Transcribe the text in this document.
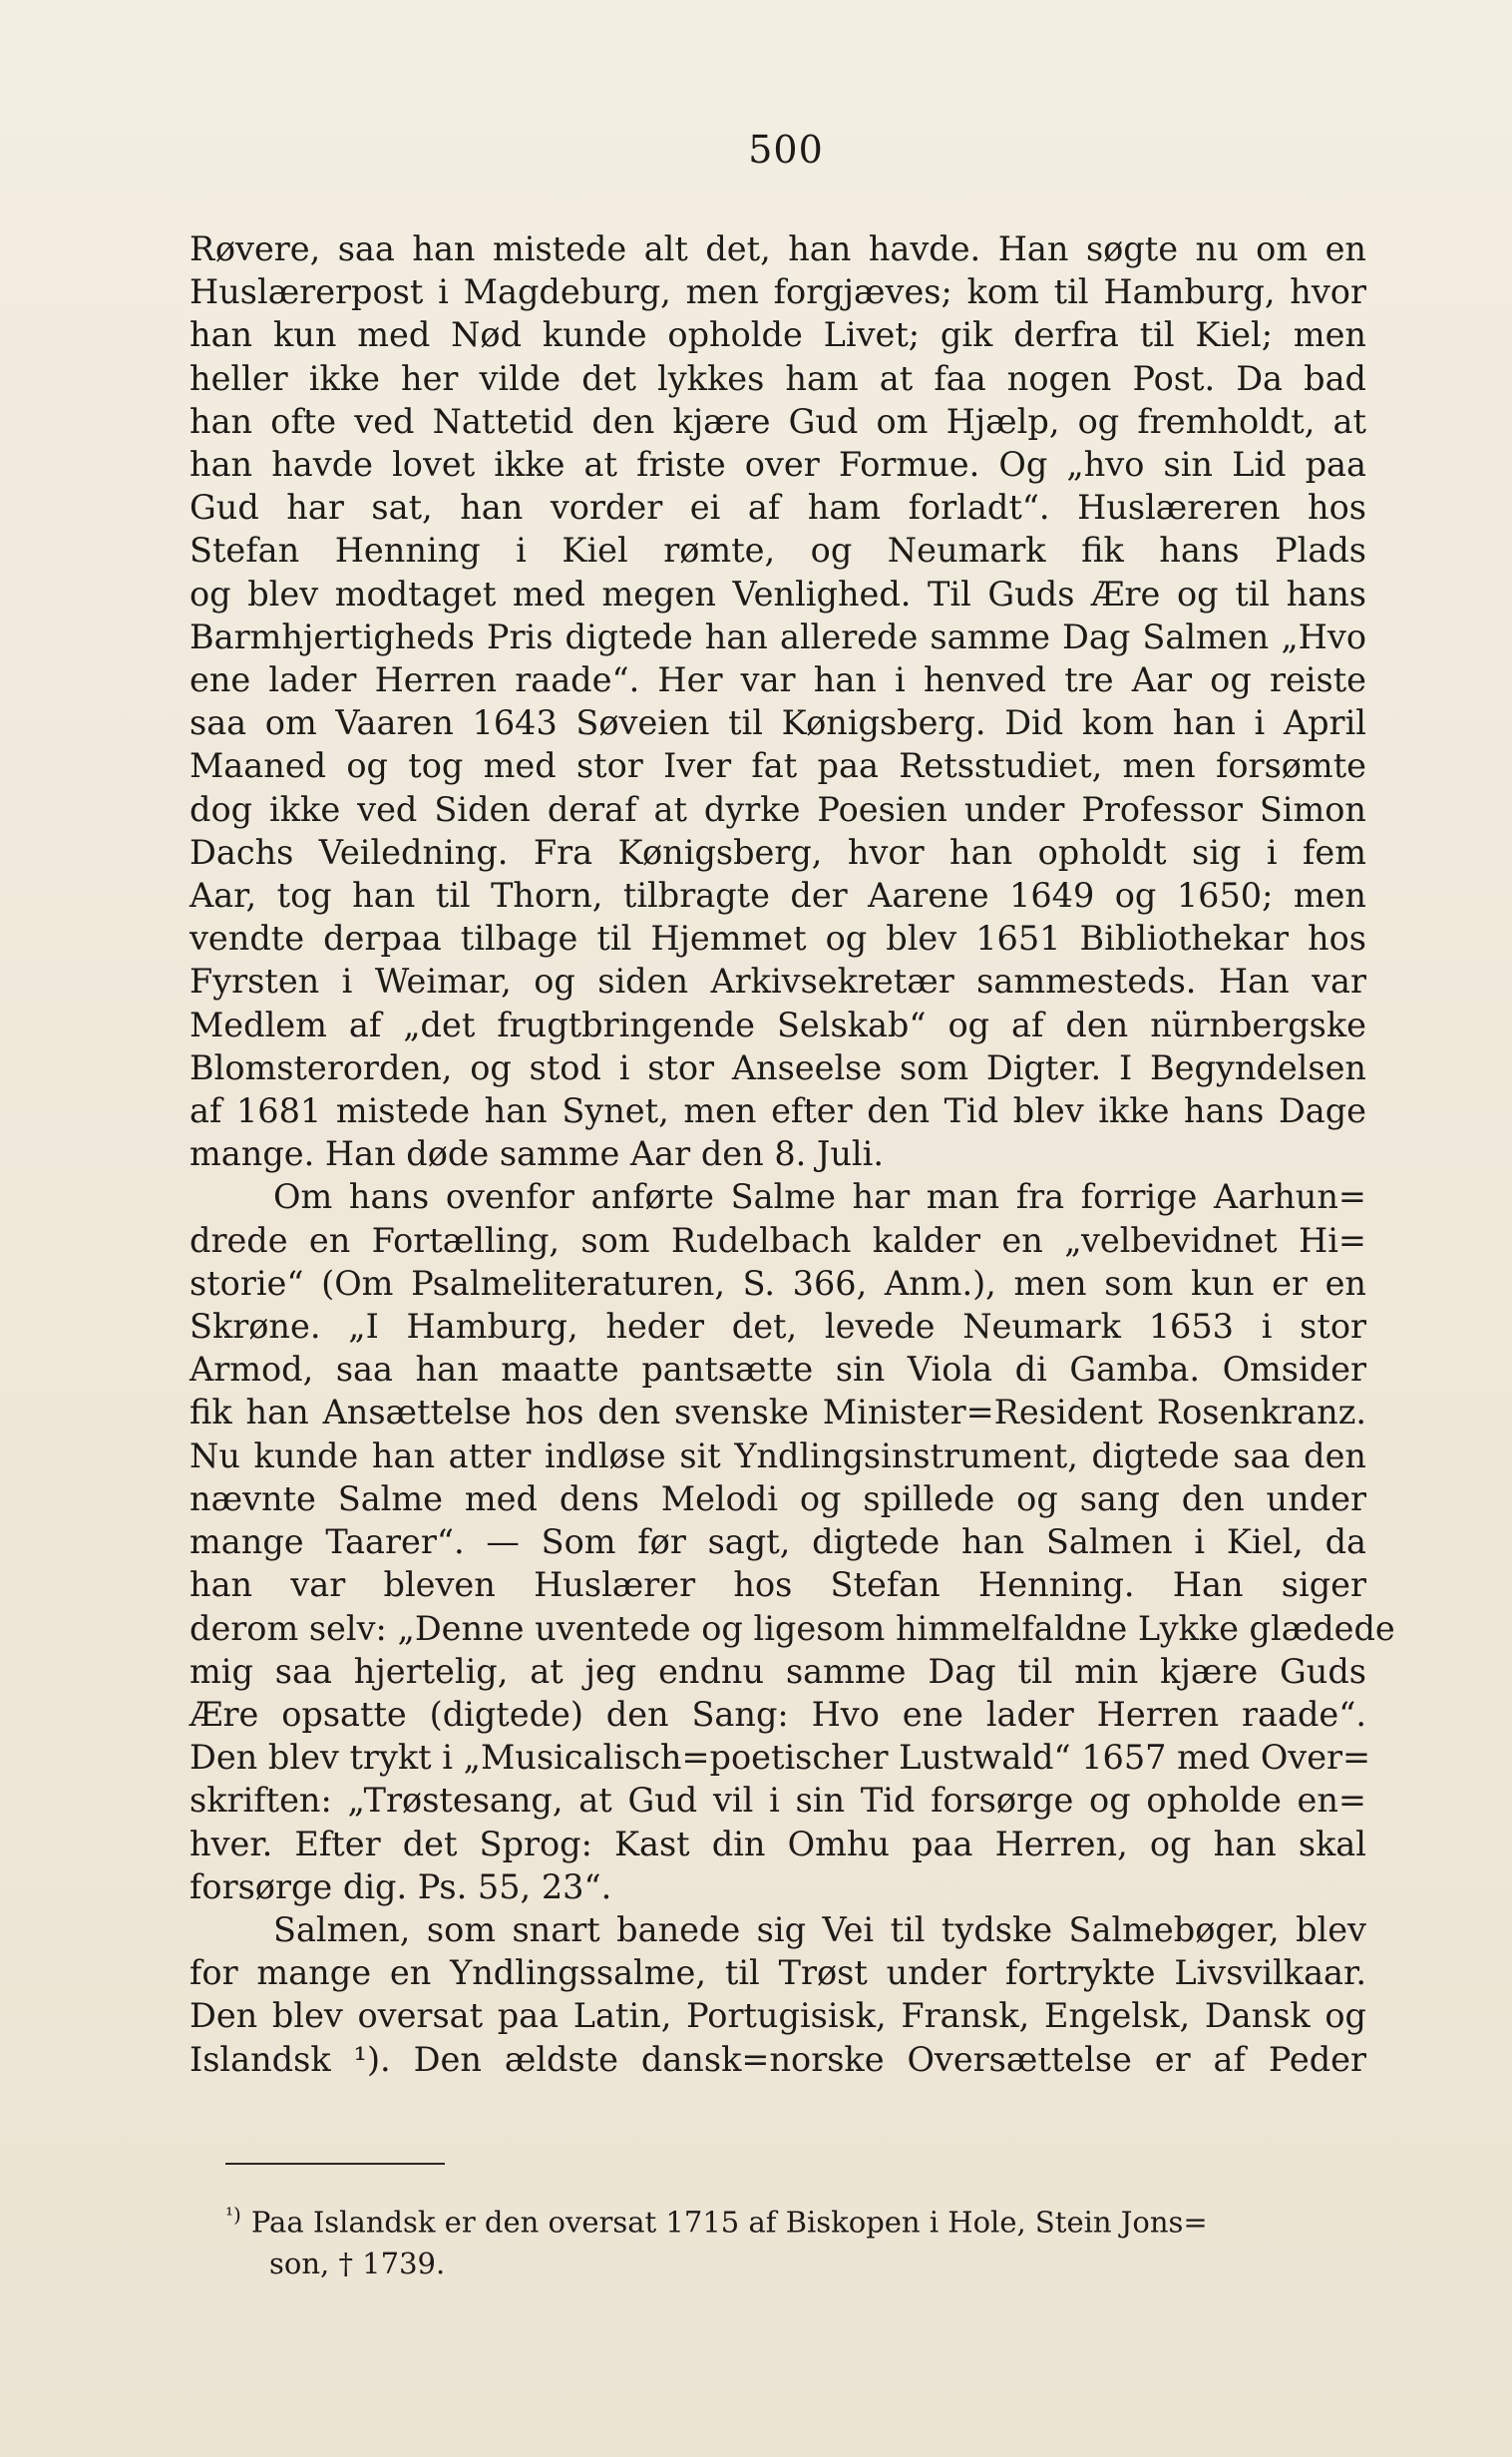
500
Røvere, saa han mistede alt det, han havde. Han søgte nu om en
Huslærerpost i Magdeburg, men forgjæves; kom til Hamburg, hvor
han kun med Nød kunde opholde Livet; gik derfra til Kiel; men
heller ikke her vilde det lykkes ham at faa nogen Post. Da bad
han ofte ved Nattetid den kjære Gud om Hjælp, og fremholdt, at
han havde lovet ikke at friste over Formue. Og „hvo sin Lid paa
Gud har sat, han vorder ei af ham forladt“. Huslæreren hos
Stefan Henning i Kiel rømte, og Neumark fik hans Plads
og blev modtaget med megen Venlighed. Til Guds Ære og til hans
Barmhjertigheds Pris digtede han allerede samme Dag Salmen „Hvo
ene lader Herren raade“. Her var han i henved tre Aar og reiste
saa om Vaaren 1643 Søveien til Kønigsberg. Did kom han i April
Maaned og tog med stor Iver fat paa Retsstudiet, men forsømte
dog ikke ved Siden deraf at dyrke Poesien under Professor Simon
Dachs Veiledning. Fra Kønigsberg, hvor han opholdt sig i fem
Aar, tog han til Thorn, tilbragte der Aarene 1649 og 1650; men
vendte derpaa tilbage til Hjemmet og blev 1651 Bibliothekar hos
Fyrsten i Weimar, og siden Arkivsekretær sammesteds. Han var
Medlem af „det frugtbringende Selskab“ og af den nürnbergske
Blomsterorden, og stod i stor Anseelse som Digter. I Begyndelsen
af 1681 mistede han Synet, men efter den Tid blev ikke hans Dage
mange. Han døde samme Aar den 8. Juli.
Om hans ovenfor anførte Salme har man fra forrige Aarhun=
drede en Fortælling, som Rudelbach kalder en „velbevidnet Hi=
storie“ (Om Psalmeliteraturen, S. 366, Anm.), men som kun er en
Skrøne. „I Hamburg, heder det, levede Neumark 1653 i stor
Armod, saa han maatte pantsætte sin Viola di Gamba. Omsider
fik han Ansættelse hos den svenske Minister=Resident Rosenkranz.
Nu kunde han atter indløse sit Yndlingsinstrument, digtede saa den
nævnte Salme med dens Melodi og spillede og sang den under
mange Taarer“. — Som før sagt, digtede han Salmen i Kiel, da
han var bleven Huslærer hos Stefan Henning. Han siger
derom selv: „Denne uventede og ligesom himmelfaldne Lykke glædede
mig saa hjertelig, at jeg endnu samme Dag til min kjære Guds
Ære opsatte (digtede) den Sang: Hvo ene lader Herren raade“.
Den blev trykt i „Musicalisch=poetischer Lustwald“ 1657 med Over=
skriften: „Trøstesang, at Gud vil i sin Tid forsørge og opholde en=
hver. Efter det Sprog: Kast din Omhu paa Herren, og han skal
forsørge dig. Ps. 55, 23“.
Salmen, som snart banede sig Vei til tydske Salmebøger, blev
for mange en Yndlingssalme, til Trøst under fortrykte Livsvilkaar.
Den blev oversat paa Latin, Portugisisk, Fransk, Engelsk, Dansk og
Islandsk ¹). Den ældste dansk=norske Oversættelse er af Peder
$^{^1)}$ Paa Islandsk er den oversat 1715 af Biskopen i Hole, Stein Jons=
son, † 1739.
